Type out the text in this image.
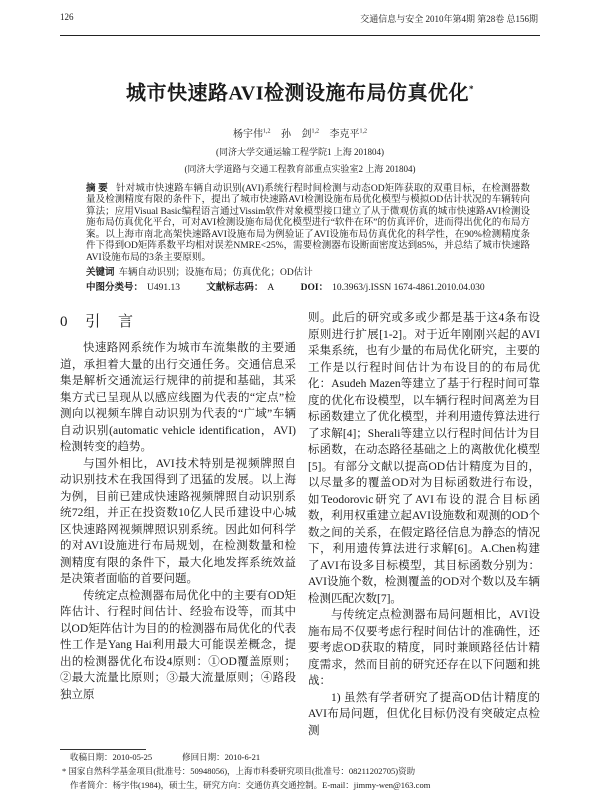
126	交通信息与安全 2010年第4期 第28卷 总156期
城市快速路AVI检测设施布局仿真优化*
杨宇伟$^{1,2}$ 孙 剑$^{1,2}$ 李克平$^{1,2}$
(同济大学交通运输工程学院1 上海 201804)
(同济大学道路与交通工程教育部重点实验室2 上海 201804)
摘 要 针对城市快速路车辆自动识别(AVI)系统行程时间检测与动态OD矩阵获取的双重目标，在检测器数量及检测精度有限的条件下，提出了城市快速路AVI检测设施布局优化模型与模拟OD估计状况的车辆转向算法；应用Visual Basic编程语言通过Vissim软件对象模型接口建立了从于微观仿真的城市快速路AVI检测设施布局仿真优化平台，可对AVI检测设施布局优化模型进行“软件在环”的仿真评价，进而得出优化的布局方案。以上海市南北高架快速路AVI设施布局为例验证了AVI设施布局仿真优化的科学性，在90%检测精度条件下得到OD矩阵系数平均相对误差NMRE<25%，需要检测器布设断面密度达到85%，并总结了城市快速路AVI设施布局的3条主要原则。
关键词 车辆自动识别；设施布局；仿真优化；OD估计
中图分类号： U491.13	文献标志码： A	DOI： 10.3963/j.ISSN 1674-4861.2010.04.030
0 引 言

快速路网系统作为城市车流集散的主要通道，承担着大量的出行交通任务。交通信息采集是解析交通流运行规律的前提和基础，其采集方式已呈现从以感应线圈为代表的“定点”检测向以视频车牌自动识别为代表的“广域”车辆自动识别(automatic vehicle identification，AVI)检测转变的趋势。

与国外相比，AVI技术特别是视频牌照自动识别技术在我国得到了迅猛的发展。以上海为例，目前已建成快速路视频牌照自动识别系统72组，并正在投资数10亿人民币建设中心城区快速路网视频牌照识别系统。因此如何科学的对AVI设施进行布局规划，在检测数量和检测精度有限的条件下，最大化地发挥系统效益是决策者面临的首要问题。

传统定点检测器布局优化中的主要有OD矩阵估计、行程时间估计、经验布设等，而其中以OD矩阵估计为目的的检测器布局优化的代表性工作是Yang Hai利用最大可能误差概念，提出的检测器优化布设4原则：①OD覆盖原则；②最大流量比原则；③最大流量原则；④路段独立原

则。此后的研究或多或少都是基于这4条布设原则进行扩展[1-2]。对于近年刚刚兴起的AVI采集系统，也有少量的布局优化研究，主要的工作是以行程时间估计为布设目的的布局优化：Asudeh Mazen等建立了基于行程时间可靠度的优化布设模型，以车辆行程时间离差为目标函数建立了优化模型，并利用遗传算法进行了求解[4]；Sherali等建立以行程时间估计为目标函数，在动态路径基础之上的离散优化模型[5]。有部分文献以提高OD估计精度为目的，以尽量多的覆盖OD对为目标函数进行布设，如Teodorovic研究了AVI布设的混合目标函数，利用权重建立起AVI设施数和观测的OD个数之间的关系，在假定路径信息为静态的情况下，利用遗传算法进行求解[6]。A.Chen构建了AVI布设多目标模型，其目标函数分别为：AVI设施个数，检测覆盖的OD对个数以及车辆检测匹配次数[7]。

与传统定点检测器布局问题相比，AVI设施布局不仅要考虑行程时间估计的准确性，还要考虑OD获取的精度，同时兼顾路径估计精度需求，然而目前的研究还存在以下问题和挑战：

1) 虽然有学者研究了提高OD估计精度的AVI布局问题，但优化目标仍没有突破定点检测

收稿日期：2010-05-25	修回日期：2010-6-21
* 国家自然科学基金项目(批准号：50948056)，上海市科委研究项目(批准号：08211202705)资助
作者简介：杨宇伟(1984)，硕士生，研究方向：交通仿真交通控制。E-mail：jimmy-wen@163.com
